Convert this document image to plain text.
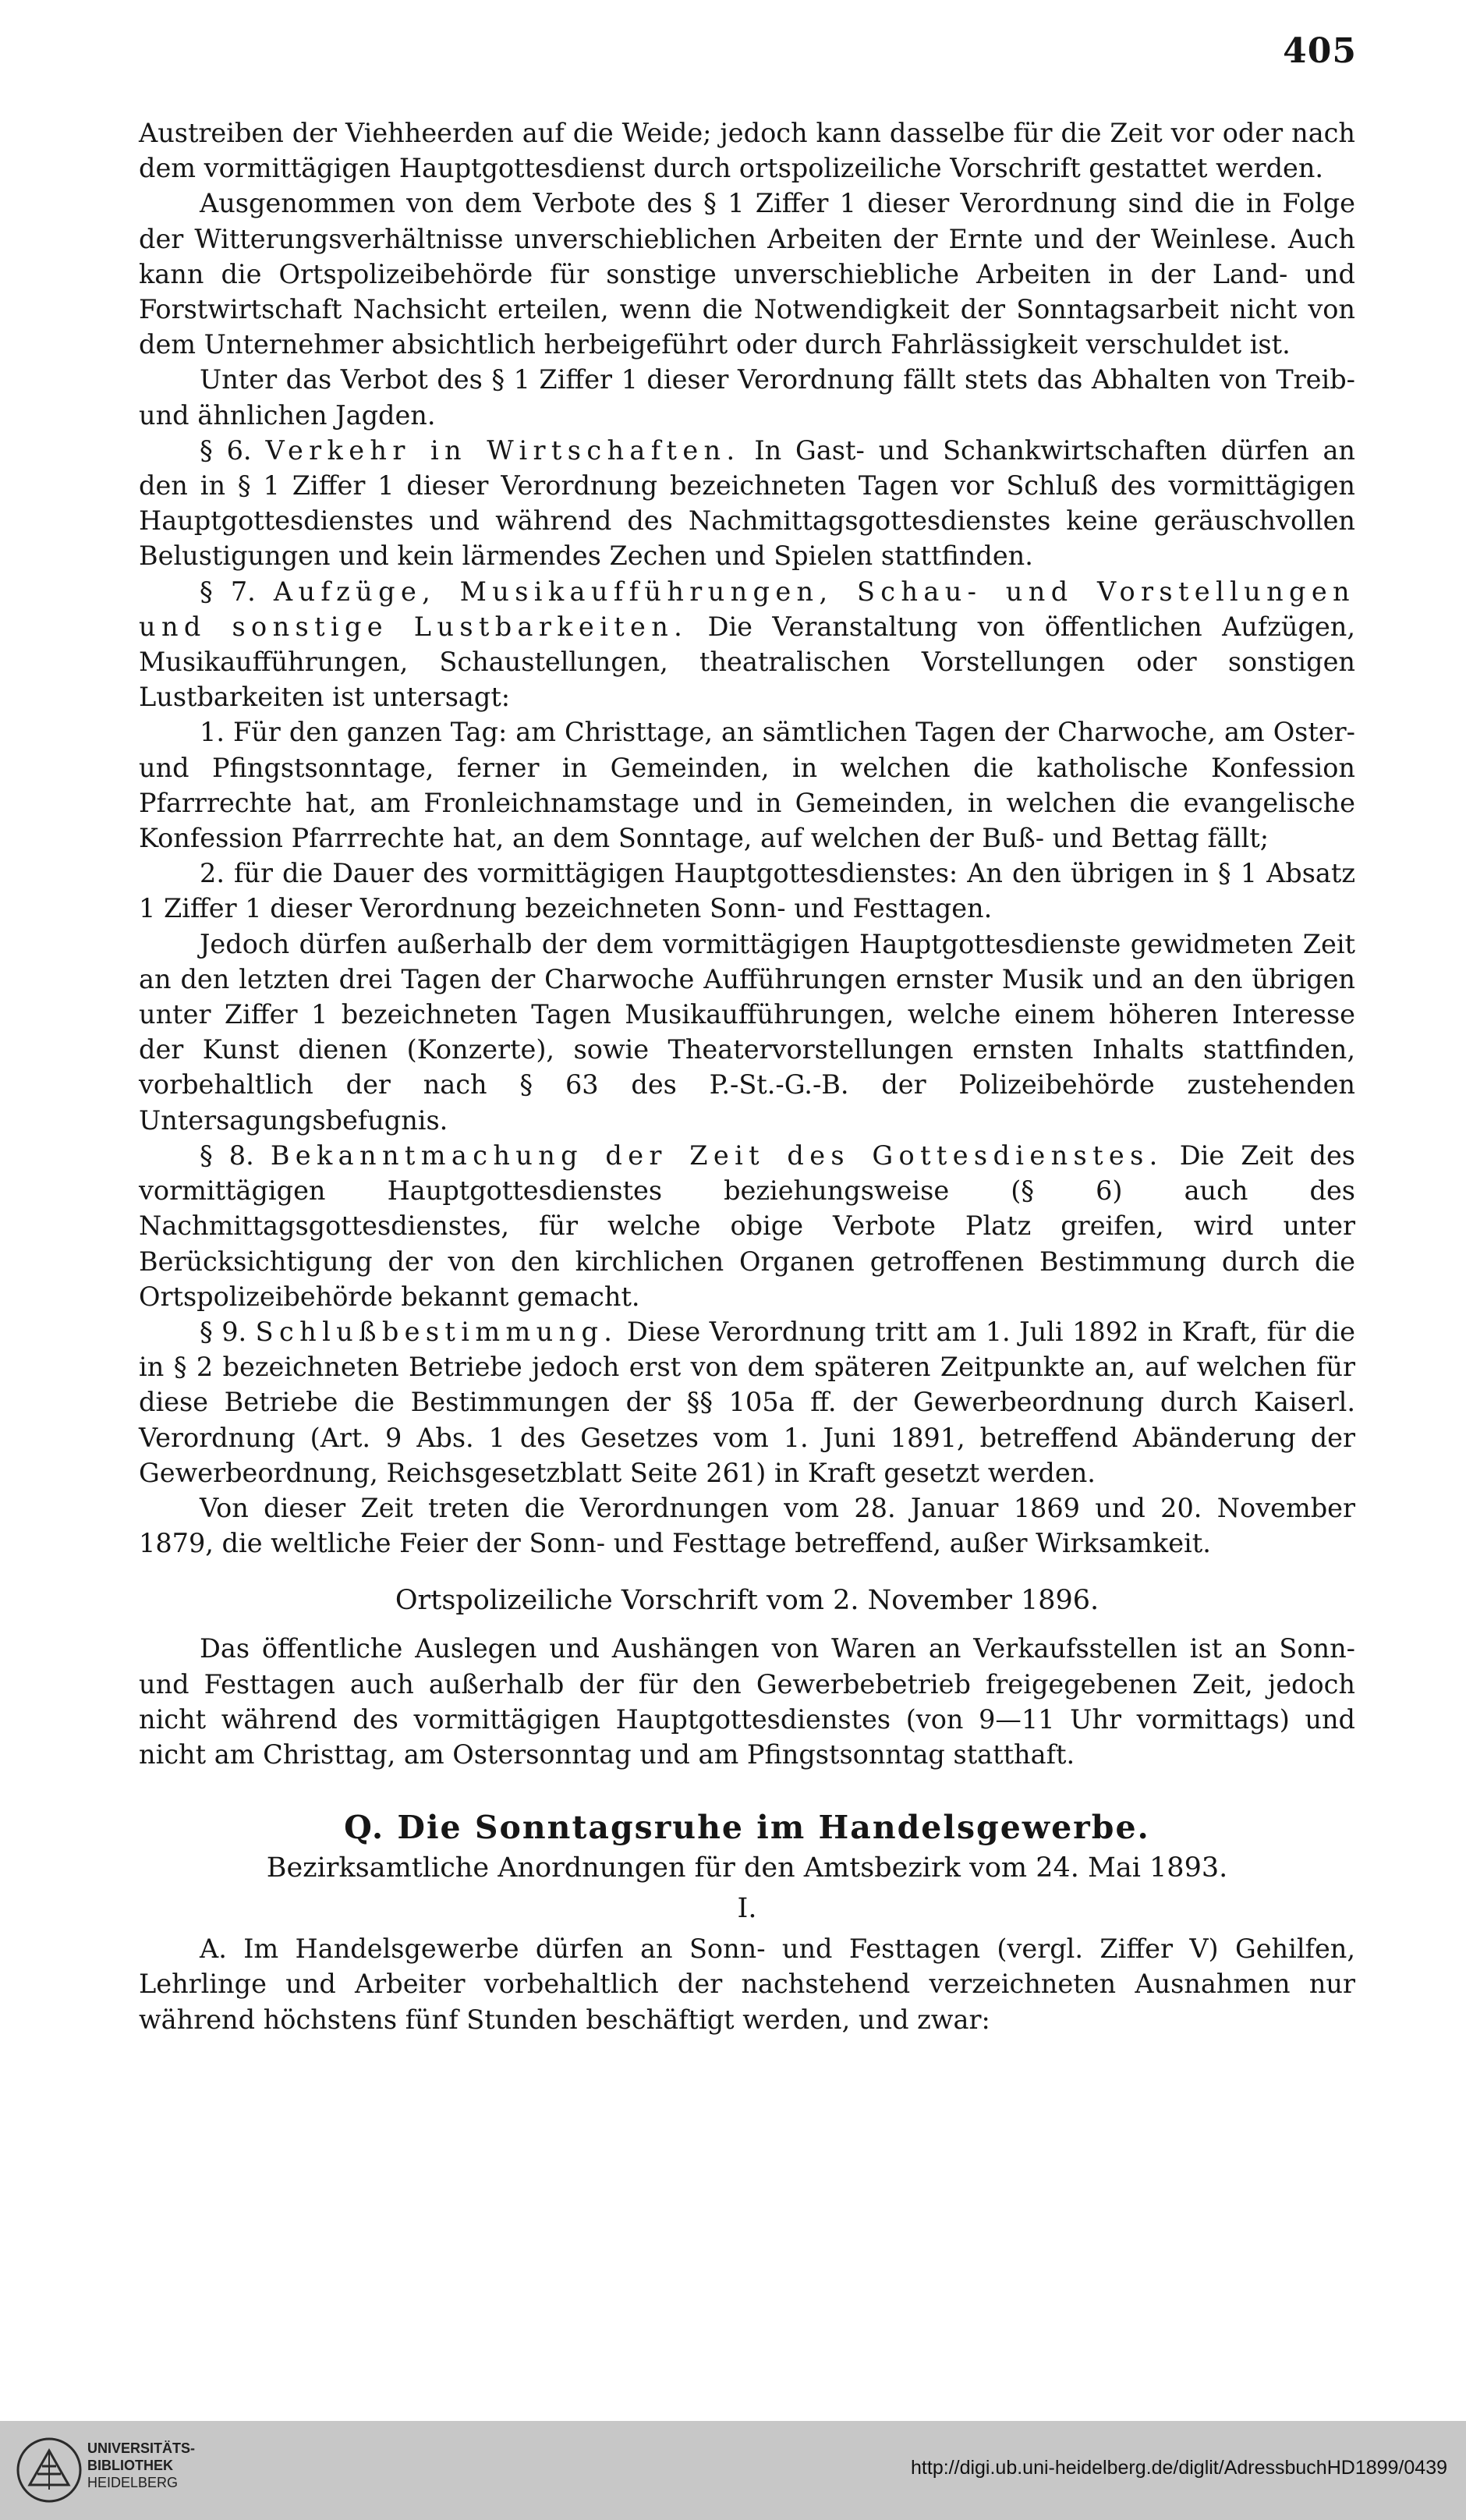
405

Austreiben der Viehheerden auf die Weide; jedoch kann dasselbe für die Zeit vor oder nach dem vormittägigen Hauptgottesdienst durch ortspolizeiliche Vorschrift gestattet werden.

Ausgenommen von dem Verbote des § 1 Ziffer 1 dieser Verordnung sind die in Folge der Witterungsverhältnisse unverschieblichen Arbeiten der Ernte und der Weinlese. Auch kann die Ortspolizeibehörde für sonstige unverschiebliche Arbeiten in der Land- und Forstwirtschaft Nachsicht erteilen, wenn die Notwendigkeit der Sonntagsarbeit nicht von dem Unternehmer absichtlich herbeigeführt oder durch Fahrlässigkeit verschuldet ist.

Unter das Verbot des § 1 Ziffer 1 dieser Verordnung fällt stets das Abhalten von Treib- und ähnlichen Jagden.

§ 6. Verkehr in Wirtschaften. In Gast- und Schankwirtschaften dürfen an den in § 1 Ziffer 1 dieser Verordnung bezeichneten Tagen vor Schluß des vormittägigen Hauptgottesdienstes und während des Nachmittagsgottesdienstes keine geräuschvollen Belustigungen und kein lärmendes Zechen und Spielen stattfinden.

§ 7. Aufzüge, Musikaufführungen, Schau- und Vorstellungen und sonstige Lustbarkeiten. Die Veranstaltung von öffentlichen Aufzügen, Musikaufführungen, Schaustellungen, theatralischen Vorstellungen oder sonstigen Lustbarkeiten ist untersagt:

1. Für den ganzen Tag: am Christtage, an sämtlichen Tagen der Charwoche, am Oster- und Pfingstsonntage, ferner in Gemeinden, in welchen die katholische Konfession Pfarrrechte hat, am Fronleichnamstage und in Gemeinden, in welchen die evangelische Konfession Pfarrrechte hat, an dem Sonntage, auf welchen der Buß- und Bettag fällt;

2. für die Dauer des vormittägigen Hauptgottesdienstes: An den übrigen in § 1 Absatz 1 Ziffer 1 dieser Verordnung bezeichneten Sonn- und Festtagen.

Jedoch dürfen außerhalb der dem vormittägigen Hauptgottesdienste gewidmeten Zeit an den letzten drei Tagen der Charwoche Aufführungen ernster Musik und an den übrigen unter Ziffer 1 bezeichneten Tagen Musikaufführungen, welche einem höheren Interesse der Kunst dienen (Konzerte), sowie Theatervorstellungen ernsten Inhalts stattfinden, vorbehaltlich der nach § 63 des P.-St.-G.-B. der Polizeibehörde zustehenden Untersagungsbefugnis.

§ 8. Bekanntmachung der Zeit des Gottesdienstes. Die Zeit des vormittägigen Hauptgottesdienstes beziehungsweise (§ 6) auch des Nachmittagsgottesdienstes, für welche obige Verbote Platz greifen, wird unter Berücksichtigung der von den kirchlichen Organen getroffenen Bestimmung durch die Ortspolizeibehörde bekannt gemacht.

§ 9. Schlußbestimmung. Diese Verordnung tritt am 1. Juli 1892 in Kraft, für die in § 2 bezeichneten Betriebe jedoch erst von dem späteren Zeitpunkte an, auf welchen für diese Betriebe die Bestimmungen der §§ 105a ff. der Gewerbeordnung durch Kaiserl. Verordnung (Art. 9 Abs. 1 des Gesetzes vom 1. Juni 1891, betreffend Abänderung der Gewerbeordnung, Reichsgesetzblatt Seite 261) in Kraft gesetzt werden.

Von dieser Zeit treten die Verordnungen vom 28. Januar 1869 und 20. November 1879, die weltliche Feier der Sonn- und Festtage betreffend, außer Wirksamkeit.

Ortspolizeiliche Vorschrift vom 2. November 1896.

Das öffentliche Auslegen und Aushängen von Waren an Verkaufsstellen ist an Sonn- und Festtagen auch außerhalb der für den Gewerbebetrieb freigegebenen Zeit, jedoch nicht während des vormittägigen Hauptgottesdienstes (von 9—11 Uhr vormittags) und nicht am Christtag, am Ostersonntag und am Pfingstsonntag statthaft.

Q. Die Sonntagsruhe im Handelsgewerbe.

Bezirksamtliche Anordnungen für den Amtsbezirk vom 24. Mai 1893.

I.

A. Im Handelsgewerbe dürfen an Sonn- und Festtagen (vergl. Ziffer V) Gehilfen, Lehrlinge und Arbeiter vorbehaltlich der nachstehend verzeichneten Ausnahmen nur während höchstens fünf Stunden beschäftigt werden, und zwar:

UNIVERSITÄTS-
BIBLIOTHEK
HEIDELBERG
http://digi.ub.uni-heidelberg.de/diglit/AdressbuchHD1899/0439
